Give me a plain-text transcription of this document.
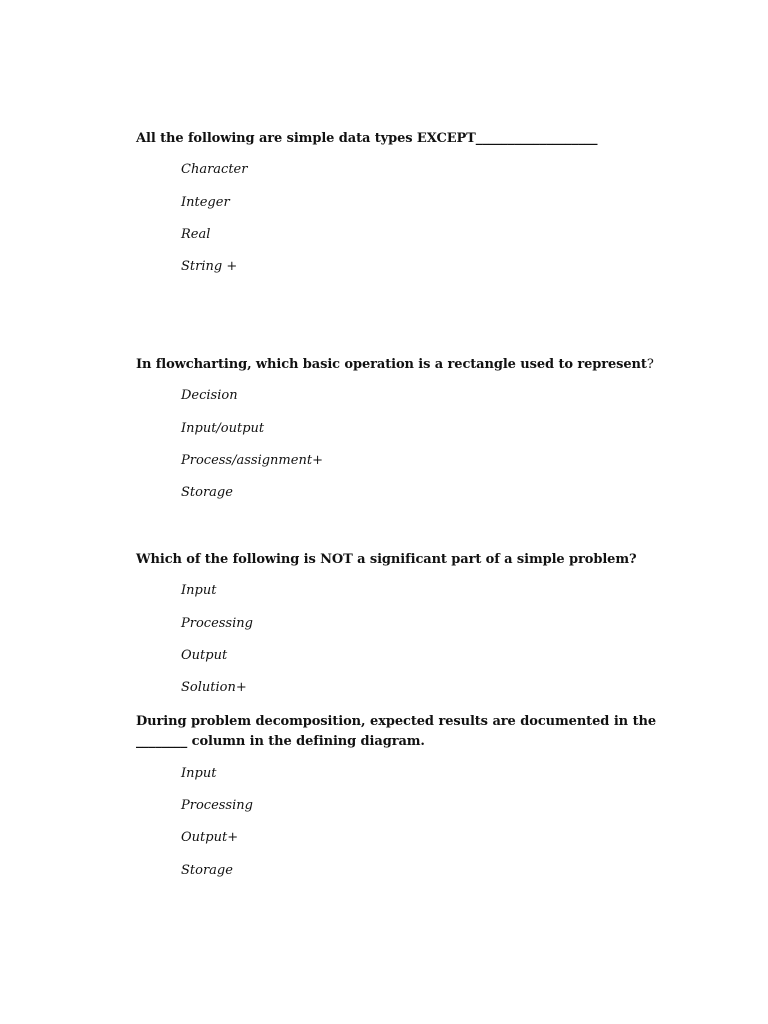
All the following are simple data types EXCEPT___________________
Character
Integer
Real
String +
In flowcharting, which basic operation is a rectangle used to represent?
Decision
Input/output
Process/assignment+
Storage
Which of the following is NOT a significant part of a simple problem?
Input
Processing
Output
Solution+
During problem decomposition, expected results are documented in the ________ column in the defining diagram.
Input
Processing
Output+
Storage
